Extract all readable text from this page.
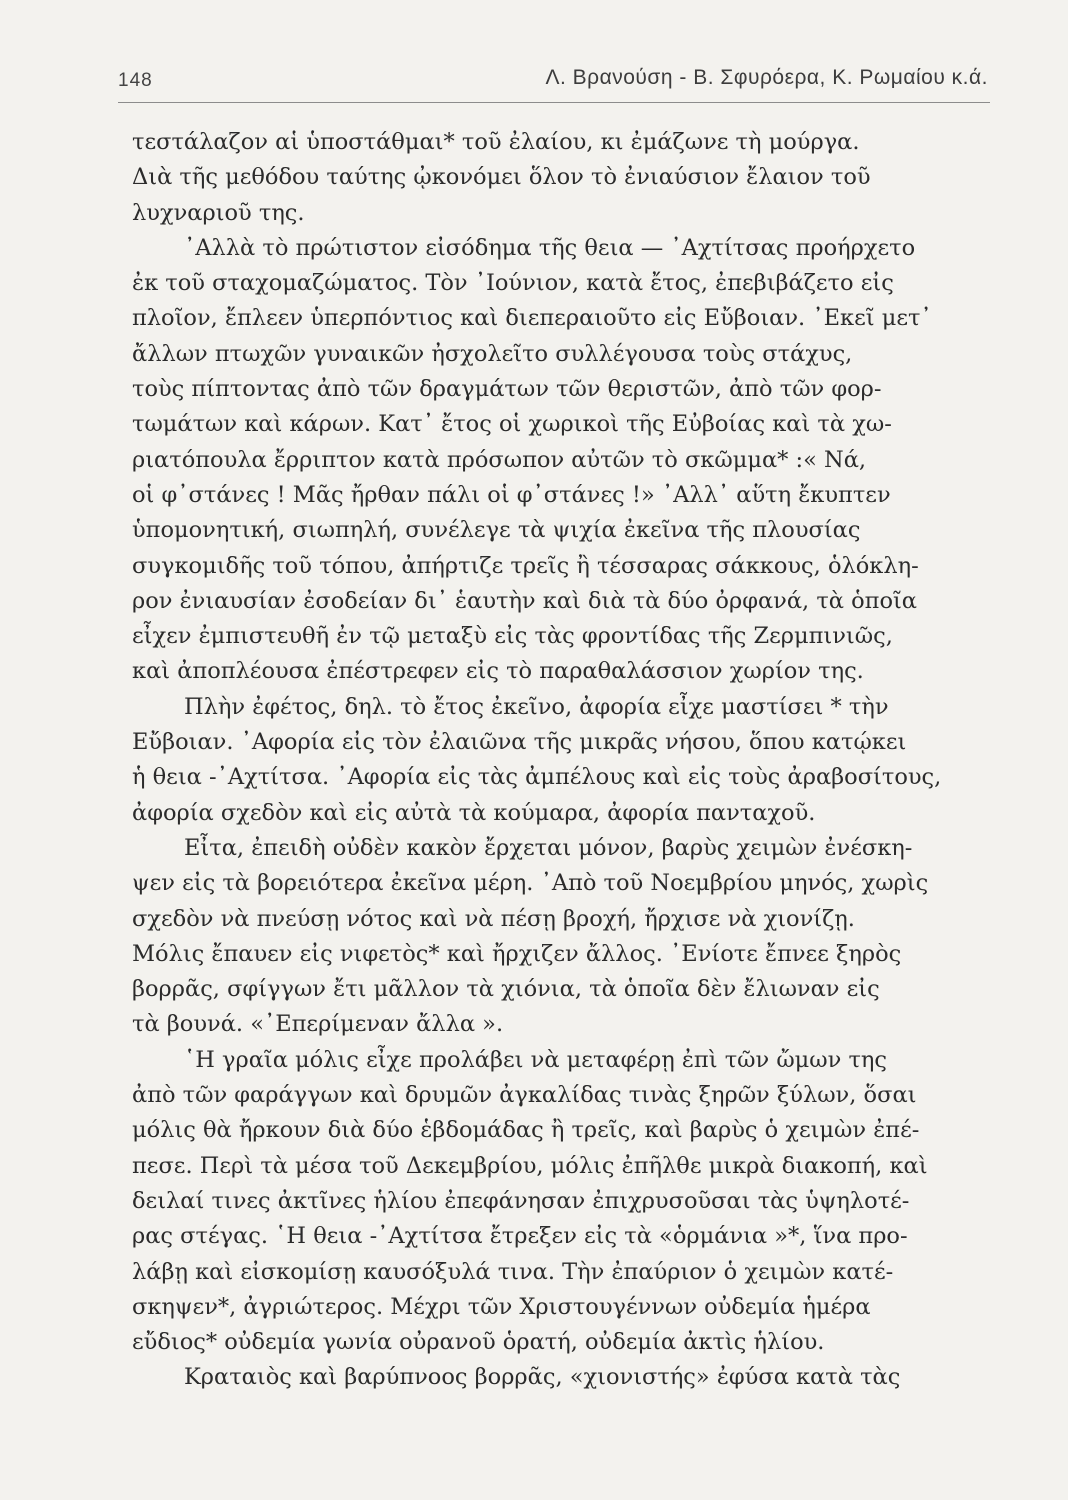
148	Λ. Βρανούση - Β. Σφυρόερα, Κ. Ρωμαίου κ.ά.
τεστάλαζον αἱ ὑποστάθμαι* τοῦ ἐλαίου, κι ἐμάζωνε τὴ μούργα.
Διὰ τῆς μεθόδου ταύτης ᾠκονόμει ὅλον τὸ ἐνιαύσιον ἔλαιον τοῦ
λυχναριοῦ της.
᾿Αλλὰ τὸ πρώτιστον εἰσόδημα τῆς θεια — ᾿Αχτίτσας προήρχετο
ἐκ τοῦ σταχομαζώματος. Τὸν ᾿Ιούνιον, κατὰ ἔτος, ἐπεβιβάζετο εἰς
πλοῖον, ἔπλεεν ὑπερπόντιος καὶ διεπεραιοῦτο εἰς Εὔβοιαν. ᾿Εκεῖ μετ᾿
ἄλλων πτωχῶν γυναικῶν ἠσχολεῖτο συλλέγουσα τοὺς στάχυς,
τοὺς πίπτοντας ἀπὸ τῶν δραγμάτων τῶν θεριστῶν, ἀπὸ τῶν φορ-
τωμάτων καὶ κάρων. Κατ᾿ ἔτος οἱ χωρικοὶ τῆς Εὐβοίας καὶ τὰ χω-
ριατόπουλα ἔρριπτον κατὰ πρόσωπον αὐτῶν τὸ σκῶμμα* :« Νά,
οἱ φ᾿στάνες ! Μᾶς ἤρθαν πάλι οἱ φ᾿στάνες !» ᾿Αλλ᾿ αὕτη ἔκυπτεν
ὑπομονητική, σιωπηλή, συνέλεγε τὰ ψιχία ἐκεῖνα τῆς πλουσίας
συγκομιδῆς τοῦ τόπου, ἀπήρτιζε τρεῖς ἢ τέσσαρας σάκκους, ὁλόκλη-
ρον ἐνιαυσίαν ἐσοδείαν δι᾿ ἑαυτὴν καὶ διὰ τὰ δύο ὀρφανά, τὰ ὁποῖα
εἶχεν ἐμπιστευθῆ ἐν τῷ μεταξὺ εἰς τὰς φροντίδας τῆς Ζερμπινιῶς,
καὶ ἀποπλέουσα ἐπέστρεφεν εἰς τὸ παραθαλάσσιον χωρίον της.
Πλὴν ἐφέτος, δηλ. τὸ ἔτος ἐκεῖνο, ἀφορία εἶχε μαστίσει * τὴν
Εὔβοιαν. ᾿Αφορία εἰς τὸν ἐλαιῶνα τῆς μικρᾶς νήσου, ὅπου κατῴκει
ἡ θεια -᾿Αχτίτσα. ᾿Αφορία εἰς τὰς ἀμπέλους καὶ εἰς τοὺς ἀραβοσίτους,
ἀφορία σχεδὸν καὶ εἰς αὐτὰ τὰ κούμαρα, ἀφορία πανταχοῦ.
Εἶτα, ἐπειδὴ οὐδὲν κακὸν ἔρχεται μόνον, βαρὺς χειμὼν ἐνέσκη-
ψεν εἰς τὰ βορειότερα ἐκεῖνα μέρη. ᾿Απὸ τοῦ Νοεμβρίου μηνός, χωρὶς
σχεδὸν νὰ πνεύσῃ νότος καὶ νὰ πέσῃ βροχή, ἤρχισε νὰ χιονίζῃ.
Μόλις ἔπαυεν εἰς νιφετὸς* καὶ ἤρχιζεν ἄλλος. ᾿Ενίοτε ἔπνεε ξηρὸς
βορρᾶς, σφίγγων ἔτι μᾶλλον τὰ χιόνια, τὰ ὁποῖα δὲν ἔλιωναν εἰς
τὰ βουνά. «᾿Επερίμεναν ἄλλα ».
῾Η γραῖα μόλις εἶχε προλάβει νὰ μεταφέρῃ ἐπὶ τῶν ὤμων της
ἀπὸ τῶν φαράγγων καὶ δρυμῶν ἀγκαλίδας τινὰς ξηρῶν ξύλων, ὅσαι
μόλις θὰ ἤρκουν διὰ δύο ἑβδομάδας ἢ τρεῖς, καὶ βαρὺς ὁ χειμὼν ἐπέ-
πεσε. Περὶ τὰ μέσα τοῦ Δεκεμβρίου, μόλις ἐπῆλθε μικρὰ διακοπή, καὶ
δειλαί τινες ἀκτῖνες ἡλίου ἐπεφάνησαν ἐπιχρυσοῦσαι τὰς ὑψηλοτέ-
ρας στέγας. ῾Η θεια -᾿Αχτίτσα ἔτρεξεν εἰς τὰ «ὁρμάνια »*, ἵνα προ-
λάβῃ καὶ εἰσκομίσῃ καυσόξυλά τινα. Τὴν ἐπαύριον ὁ χειμὼν κατέ-
σκηψεν*, ἀγριώτερος. Μέχρι τῶν Χριστουγέννων οὐδεμία ἡμέρα
εὔδιος* οὐδεμία γωνία οὐρανοῦ ὁρατή, οὐδεμία ἀκτὶς ἡλίου.
Κραταιὸς καὶ βαρύπνοος βορρᾶς, «χιονιστής» ἐφύσα κατὰ τὰς
